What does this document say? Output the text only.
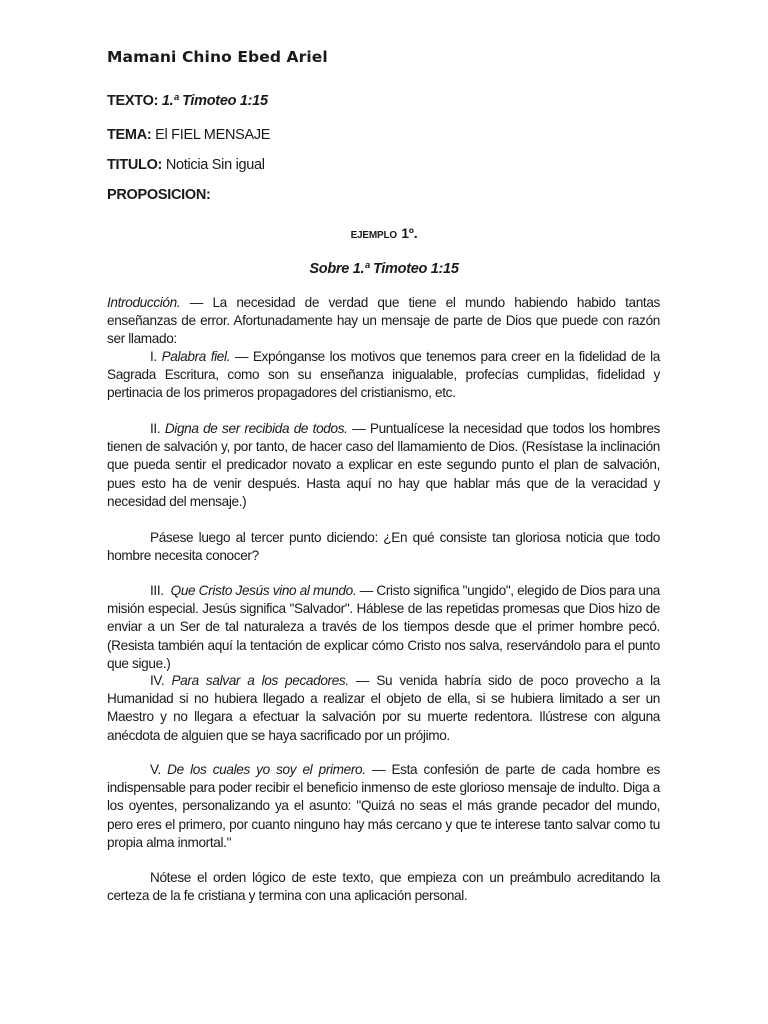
Mamani Chino Ebed Ariel
TEXTO: 1.ª Timoteo 1:15
TEMA: El FIEL MENSAJE
TITULO: Noticia Sin igual
PROPOSICION:
EJEMPLO 1º.
Sobre 1.ª Timoteo 1:15

Introducción. — La necesidad de verdad que tiene el mundo habiendo habido tantas enseñanzas de error. Afortunadamente hay un mensaje de parte de Dios que puede con razón ser llamado:

I. Palabra fiel. — Expónganse los motivos que tenemos para creer en la fidelidad de la Sagrada Escritura, como son su enseñanza inigualable, profecías cumplidas, fidelidad y pertinacia de los primeros propagadores del cristianismo, etc.

II. Digna de ser recibida de todos. — Puntualícese la necesidad que todos los hombres tienen de salvación y, por tanto, de hacer caso del llamamiento de Dios. (Resístase la inclinación que pueda sentir el predicador novato a explicar en este segundo punto el plan de salvación, pues esto ha de venir después. Hasta aquí no hay que hablar más que de la veracidad y necesidad del mensaje.)

Pásese luego al tercer punto diciendo: ¿En qué consiste tan gloriosa noticia que todo hombre necesita conocer?

III.  Que Cristo Jesús vino al mundo. — Cristo significa "ungido", elegido de Dios para una misión especial. Jesús significa "Salvador". Háblese de las repetidas promesas que Dios hizo de enviar a un Ser de tal naturaleza a través de los tiempos desde que el primer hombre pecó. (Resista también aquí la tentación de explicar cómo Cristo nos salva, reservándolo para el punto que sigue.)

IV. Para salvar a los pecadores. — Su venida habría sido de poco provecho a la Humanidad si no hubiera llegado a realizar el objeto de ella, si se hubiera limitado a ser un Maestro y no llegara a efectuar la salvación por su muerte redentora. Ilústrese con alguna anécdota de alguien que se haya sacrificado por un prójimo.

V. De los cuales yo soy el primero. — Esta confesión de parte de cada hombre es indispensable para poder recibir el beneficio inmenso de este glorioso mensaje de indulto. Diga a los oyentes, personalizando ya el asunto: "Quizá no seas el más grande pecador del mundo, pero eres el primero, por cuanto ninguno hay más cercano y que te interese tanto salvar como tu propia alma inmortal."

Nótese el orden lógico de este texto, que empieza con un preámbulo acreditando la certeza de la fe cristiana y termina con una aplicación personal.
